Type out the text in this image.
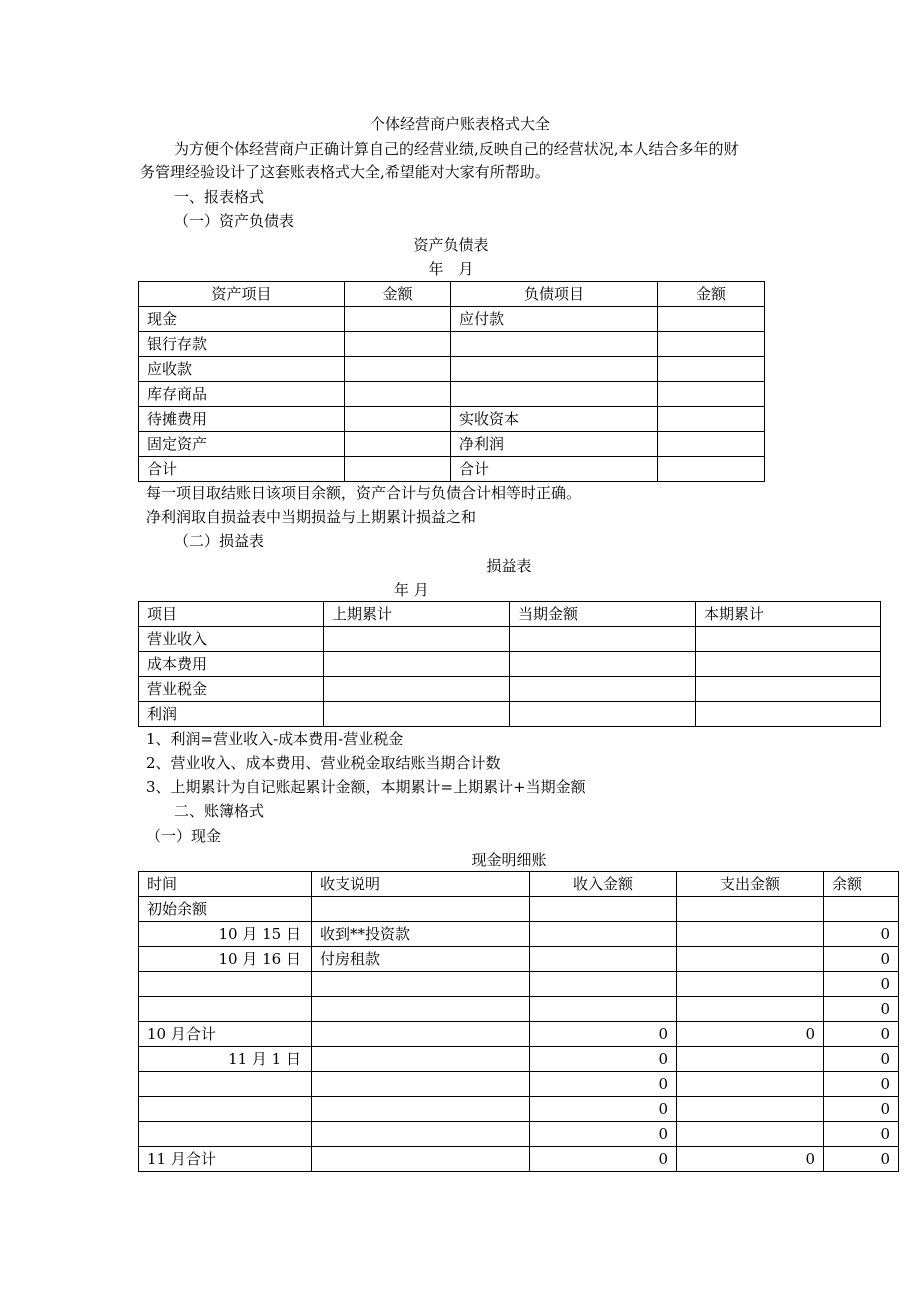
个体经营商户账表格式大全
为方便个体经营商户正确计算自己的经营业绩,反映自己的经营状况,本人结合多年的财
务管理经验设计了这套账表格式大全,希望能对大家有所帮助。
一、报表格式
（一）资产负债表
资产负债表
年　月
资产项目	金额	负债项目	金额
现金		应付款	
银行存款			
应收款			
库存商品			
待摊费用		实收资本	
固定资产		净利润	
合计		合计	
每一项目取结账日该项目余额，资产合计与负债合计相等时正确。
净利润取自损益表中当期损益与上期累计损益之和
（二）损益表
损益表
年 月
项目	上期累计	当期金额	本期累计
营业收入			
成本费用			
营业税金			
利润			
1、利润=营业收入-成本费用-营业税金
2、营业收入、成本费用、营业税金取结账当期合计数
3、上期累计为自记账起累计金额，本期累计=上期累计+当期金额
二、账簿格式
（一）现金
现金明细账
时间	收支说明	收入金额	支出金额	余额
初始余额				
10 月 15 日	收到**投资款			0
10 月 16 日	付房租款			0
				0
				0
10 月合计		0	0	0
11 月 1 日		0		0
		0		0
		0		0
		0		0
11 月合计		0	0	0
